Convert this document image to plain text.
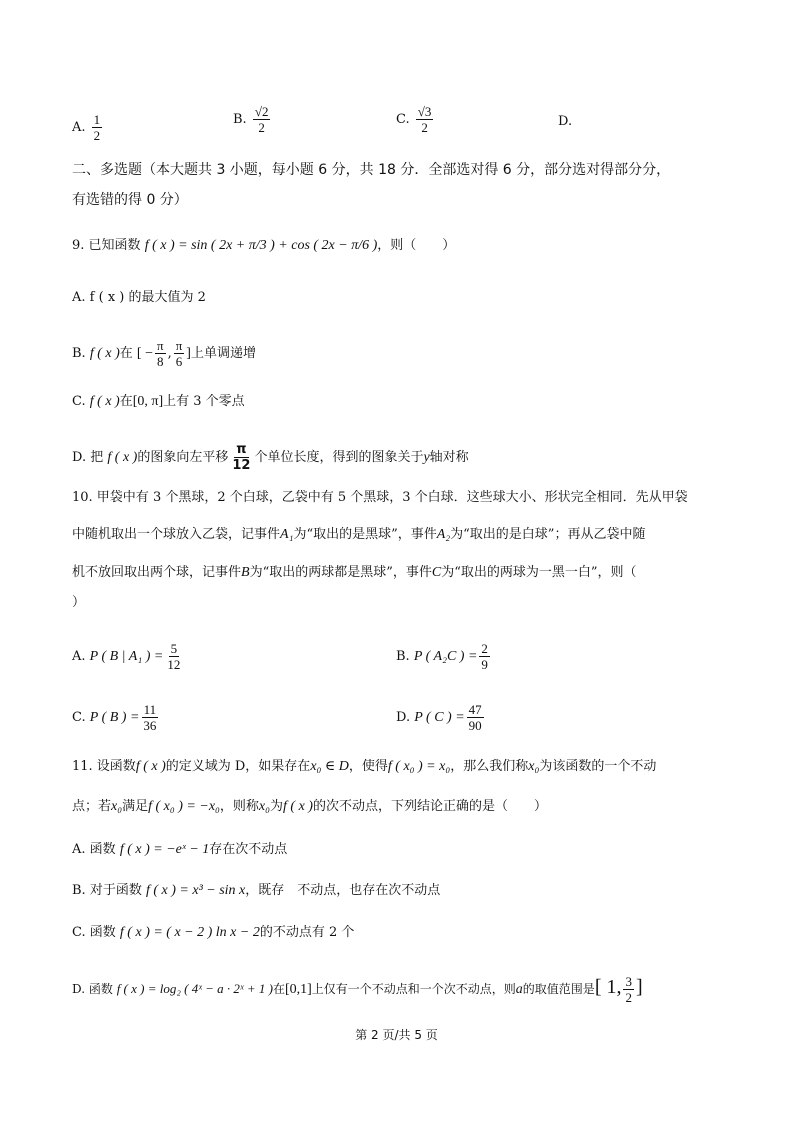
A. $\frac{1}{2}$	B. $\frac{√2}{2}$	C. $\frac{√3}{2}$	D.
二、多选题（本大题共 3 小题，每小题 6 分，共 18 分．全部选对得 6 分，部分选对得部分分，
有选错的得 0 分）
9. 已知函数 f ( x ) = sin ( 2x + π/3 ) + cos ( 2x − π/6 )，则（　　）
A. f ( x ) 的最大值为 2
B. f ( x )在 [ − $\frac{\pi}{8}$ , $\frac{\pi}{6}$ ]上单调递增
C. f ( x )在[0, π]上有 3 个零点
D. 把 f ( x )的图象向左平移 $\frac{\pi}{12}$ 个单位长度，得到的图象关于y轴对称
10. 甲袋中有 3 个黑球，2 个白球，乙袋中有 5 个黑球，3 个白球．这些球大小、形状完全相同．先从甲袋
中随机取出一个球放入乙袋，记事件A₁为“取出的是黑球”，事件A₂为“取出的是白球”；再从乙袋中随
机不放回取出两个球，记事件B为“取出的两球都是黑球”，事件C为“取出的两球为一黑一白”，则（
）
A. P ( B | A₁ ) = $\frac{5}{12}$	B. P ( A₂C ) = $\frac{2}{9}$
C. P ( B ) = $\frac{11}{36}$	D. P ( C ) = $\frac{47}{90}$
11. 设函数f ( x )的定义域为 D，如果存在x₀ ∈ D，使得f ( x₀ ) = x₀，那么我们称x₀为该函数的一个不动
点；若x₀满足f ( x₀ ) = −x₀，则称x₀为f ( x )的次不动点，下列结论正确的是（　　）
A. 函数 f ( x ) = −eˣ − 1存在次不动点
B. 对于函数 f ( x ) = x³ − sin x，既存　不动点，也存在次不动点
C. 函数 f ( x ) = ( x − 2 ) ln x − 2的不动点有 2 个
D. 函数 f ( x ) = log₂ ( 4ˣ − a · 2ˣ + 1 )在[0,1]上仅有一个不动点和一个次不动点，则a的取值范围是[ 1, $\frac{3}{2}$ ]
第 2 页/共 5 页
